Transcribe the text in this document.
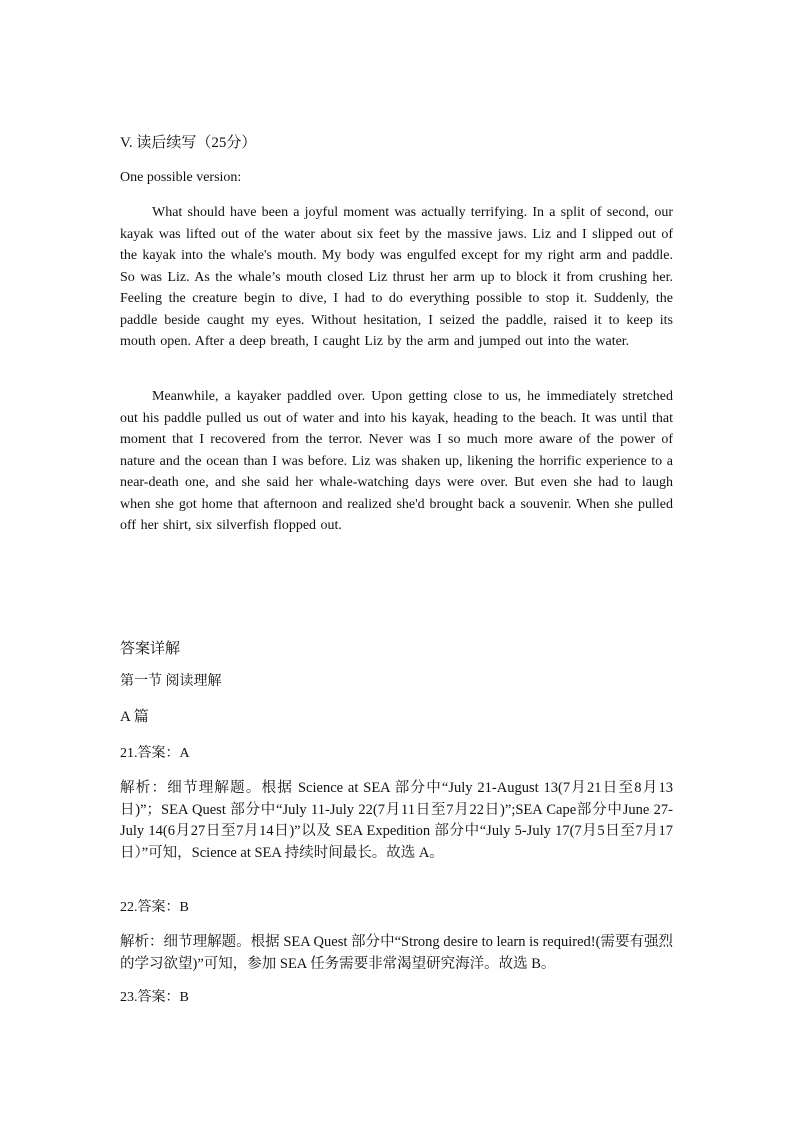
V. 读后续写（25分）

One possible version:

What should have been a joyful moment was actually terrifying. In a split of second, our kayak was lifted out of the water about six feet by the massive jaws. Liz and I slipped out of the kayak into the whale's mouth. My body was engulfed except for my right arm and paddle. So was Liz. As the whale’s mouth closed Liz thrust her arm up to block it from crushing her. Feeling the creature begin to dive, I had to do everything possible to stop it. Suddenly, the paddle beside caught my eyes. Without hesitation, I seized the paddle, raised it to keep its mouth open. After a deep breath, I caught Liz by the arm and jumped out into the water.

Meanwhile, a kayaker paddled over. Upon getting close to us, he immediately stretched out his paddle pulled us out of water and into his kayak, heading to the beach. It was until that moment that I recovered from the terror. Never was I so much more aware of the power of nature and the ocean than I was before. Liz was shaken up, likening the horrific experience to a near-death one, and she said her whale-watching days were over. But even she had to laugh when she got home that afternoon and realized she'd brought back a souvenir. When she pulled off her shirt, six silverfish flopped out.

答案详解

第一节 阅读理解

A 篇

21.答案：A

解析：细节理解题。根据 Science at SEA 部分中“July 21-August 13(7月21日至8月13日)”；SEA Quest 部分中“July 11-July 22(7月11日至7月22日)”;SEA Cape部分中June 27-July 14(6月27日至7月14日)”以及 SEA Expedition 部分中“July 5-July 17(7月5日至7月17日）”可知，Science at SEA 持续时间最长。故选 A。

22.答案：B

解析：细节理解题。根据 SEA Quest 部分中“Strong desire to learn is required!(需要有强烈的学习欲望)”可知，参加 SEA 任务需要非常渴望研究海洋。故选 B。

23.答案：B
